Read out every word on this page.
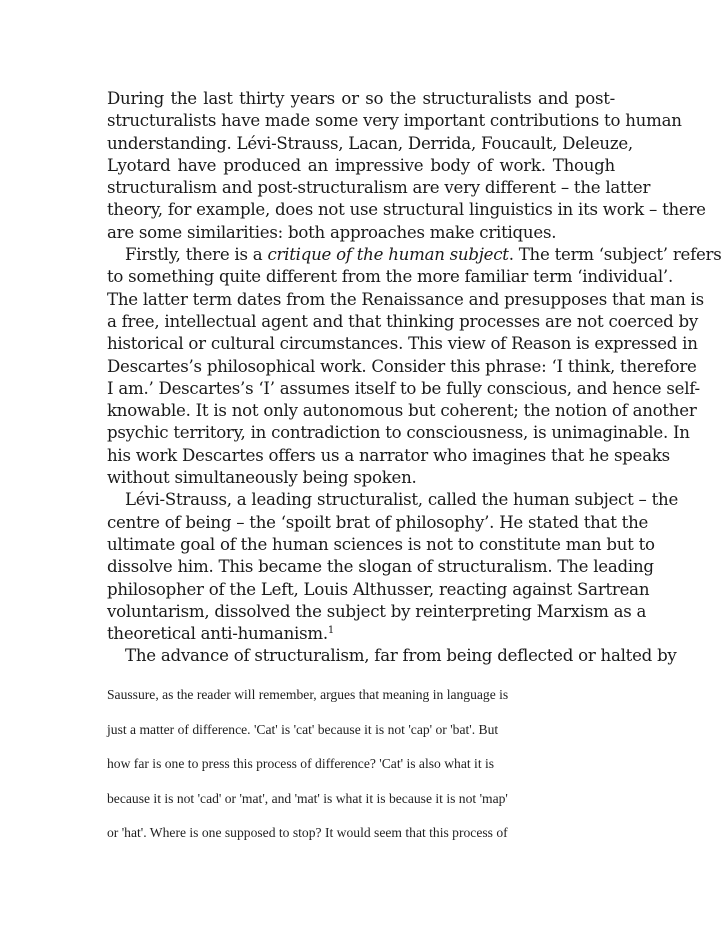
During the last thirty years or so the structuralists and post-
structuralists have made some very important contributions to human
understanding. Lévi-Strauss, Lacan, Derrida, Foucault, Deleuze,
Lyotard have produced an impressive body of work. Though
structuralism and post-structuralism are very different – the latter
theory, for example, does not use structural linguistics in its work – there
are some similarities: both approaches make critiques.
Firstly, there is a critique of the human subject. The term ‘subject’ refers
to something quite different from the more familiar term ‘individual’.
The latter term dates from the Renaissance and presupposes that man is
a free, intellectual agent and that thinking processes are not coerced by
historical or cultural circumstances. This view of Reason is expressed in
Descartes’s philosophical work. Consider this phrase: ‘I think, therefore
I am.’ Descartes’s ‘I’ assumes itself to be fully conscious, and hence self-
knowable. It is not only autonomous but coherent; the notion of another
psychic territory, in contradiction to consciousness, is unimaginable. In
his work Descartes offers us a narrator who imagines that he speaks
without simultaneously being spoken.
Lévi-Strauss, a leading structuralist, called the human subject – the
centre of being – the ‘spoilt brat of philosophy’. He stated that the
ultimate goal of the human sciences is not to constitute man but to
dissolve him. This became the slogan of structuralism. The leading
philosopher of the Left, Louis Althusser, reacting against Sartrean
voluntarism, dissolved the subject by reinterpreting Marxism as a
theoretical anti-humanism.$^1$
The advance of structuralism, far from being deflected or halted by
Saussure, as the reader will remember, argues that meaning in language is
just a matter of difference. 'Cat' is 'cat' because it is not 'cap' or 'bat'. But
how far is one to press this process of difference? 'Cat' is also what it is
because it is not 'cad' or 'mat', and 'mat' is what it is because it is not 'map'
or 'hat'. Where is one supposed to stop? It would seem that this process of
